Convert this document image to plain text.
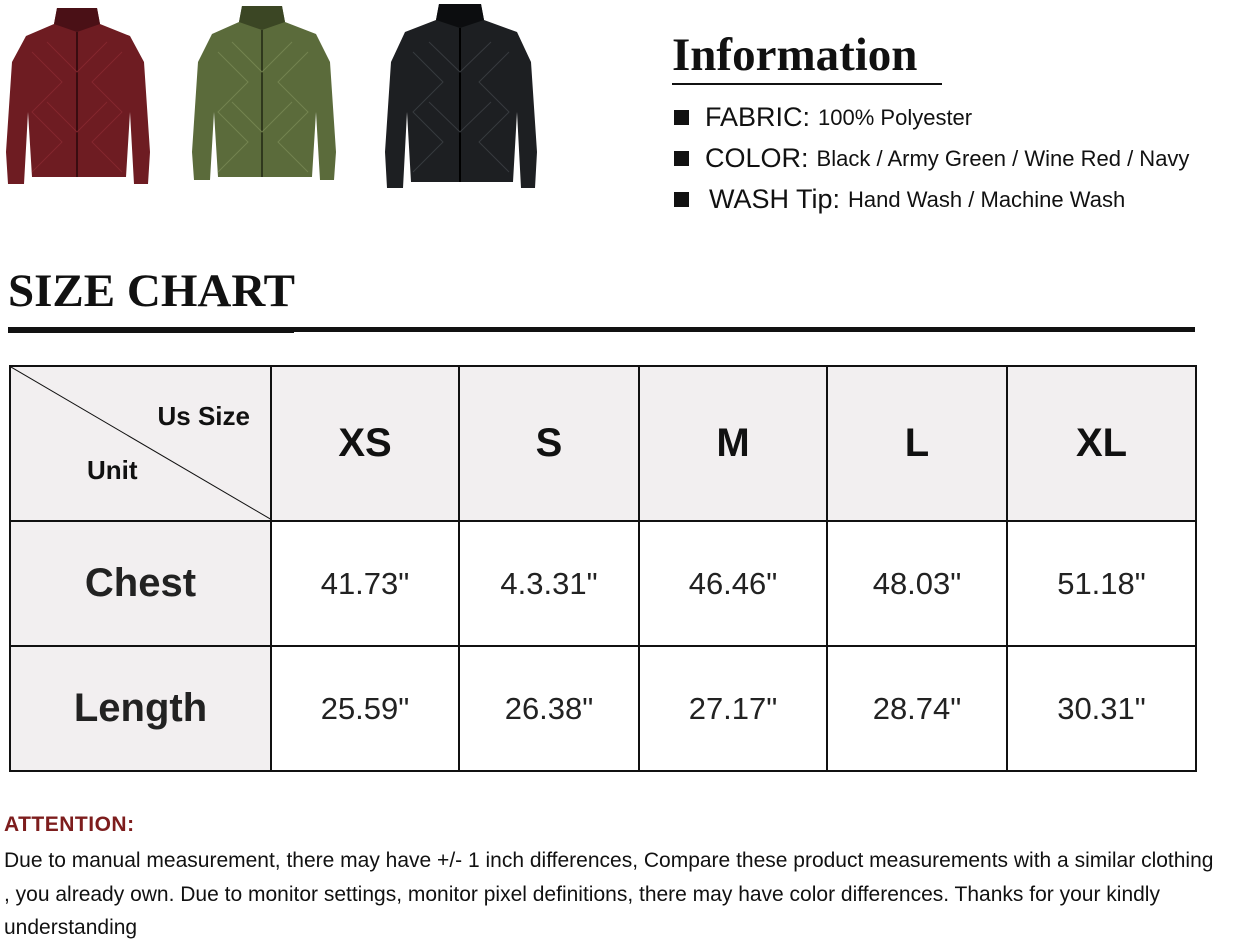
Information
FABRIC: 100% Polyester
COLOR: Black / Army Green / Wine Red / Navy
WASH Tip: Hand Wash / Machine Wash
SIZE CHART
Us Size
Unit	XS	S	M	L	XL
Chest	41.73"	4.3.31"	46.46"	48.03"	51.18"
Length	25.59"	26.38"	27.17"	28.74"	30.31"
ATTENTION:
Due to manual measurement, there may have +/- 1 inch differences, Compare these product measurements with a similar clothing , you already own. Due to monitor settings, monitor pixel definitions, there may have color differences. Thanks for your kindly understanding
